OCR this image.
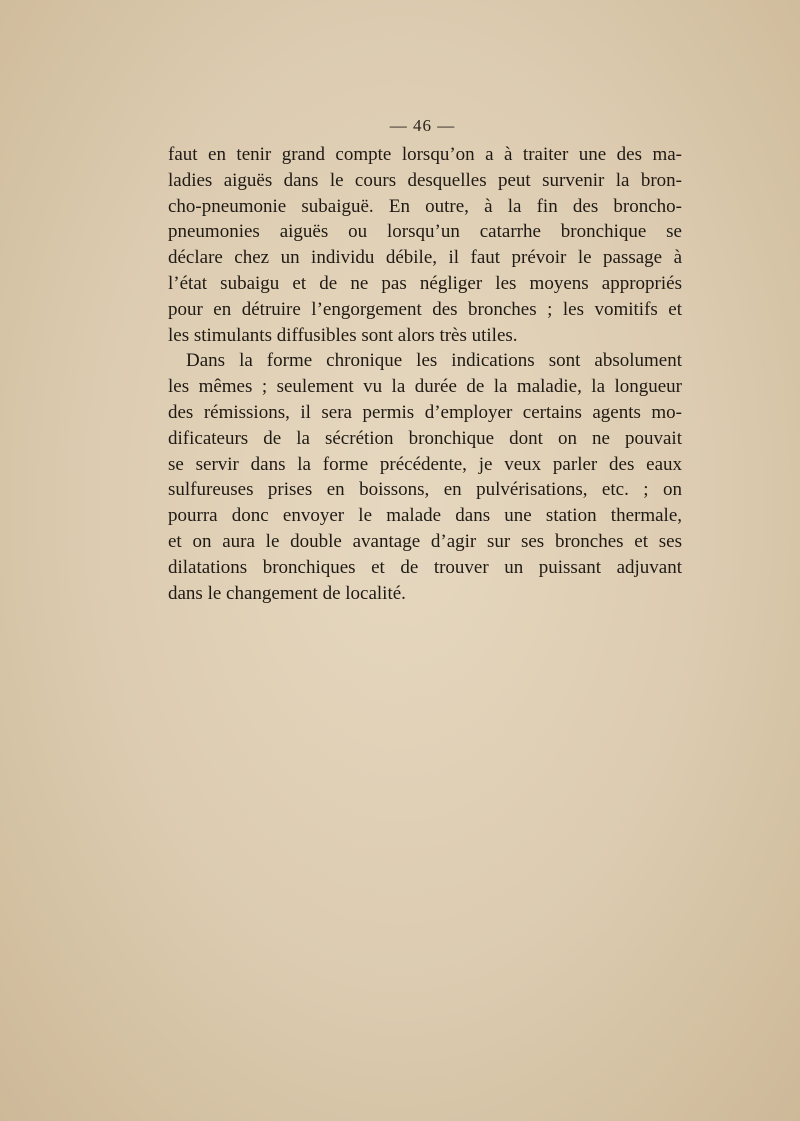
— 46 —
faut en tenir grand compte lorsqu’on a à traiter une des ma-
ladies aiguës dans le cours desquelles peut survenir la bron-
cho-pneumonie subaiguë. En outre, à la fin des broncho-
pneumonies aiguës ou lorsqu’un catarrhe bronchique se
déclare chez un individu débile, il faut prévoir le passage à
l’état subaigu et de ne pas négliger les moyens appropriés
pour en détruire l’engorgement des bronches ; les vomitifs et
les stimulants diffusibles sont alors très utiles.
Dans la forme chronique les indications sont absolument
les mêmes ; seulement vu la durée de la maladie, la longueur
des rémissions, il sera permis d’employer certains agents mo-
dificateurs de la sécrétion bronchique dont on ne pouvait
se servir dans la forme précédente, je veux parler des eaux
sulfureuses prises en boissons, en pulvérisations, etc. ; on
pourra donc envoyer le malade dans une station thermale,
et on aura le double avantage d’agir sur ses bronches et ses
dilatations bronchiques et de trouver un puissant adjuvant
dans le changement de localité.
